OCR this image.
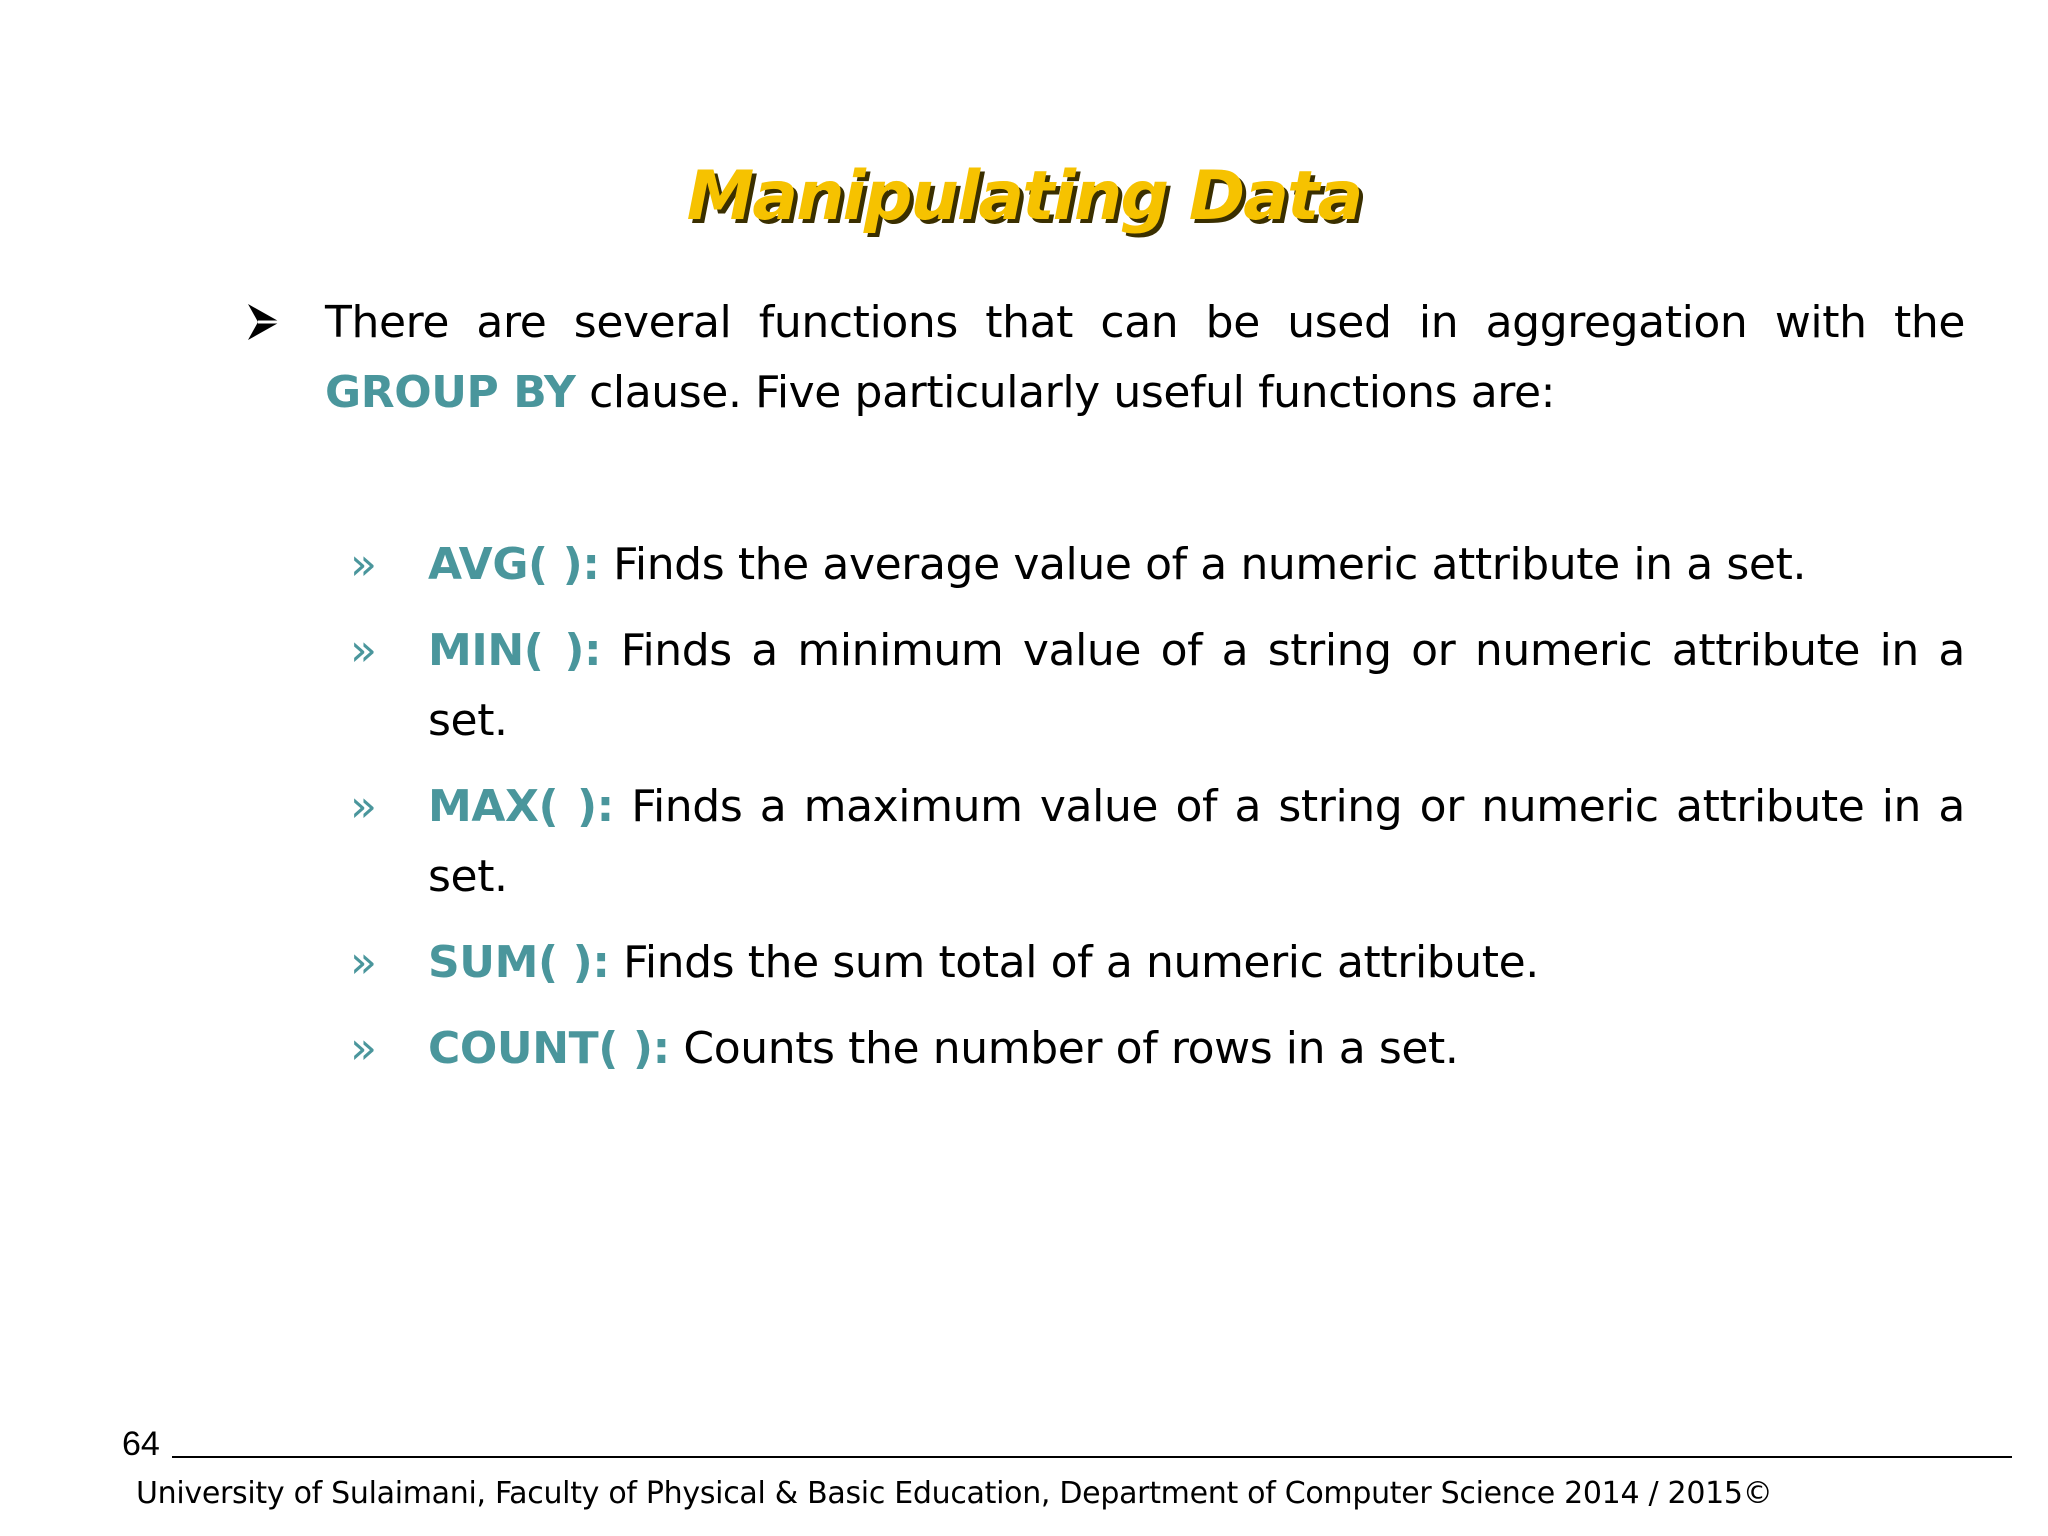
Manipulating Data
There are several functions that can be used in aggregation with the GROUP BY clause. Five particularly useful functions are:
» AVG( ): Finds the average value of a numeric attribute in a set.
» MIN( ): Finds a minimum value of a string or numeric attribute in a set.
» MAX( ): Finds a maximum value of a string or numeric attribute in a set.
» SUM( ): Finds the sum total of a numeric attribute.
» COUNT( ): Counts the number of rows in a set.
64
University of Sulaimani, Faculty of Physical & Basic Education, Department of Computer Science 2014 / 2015©
